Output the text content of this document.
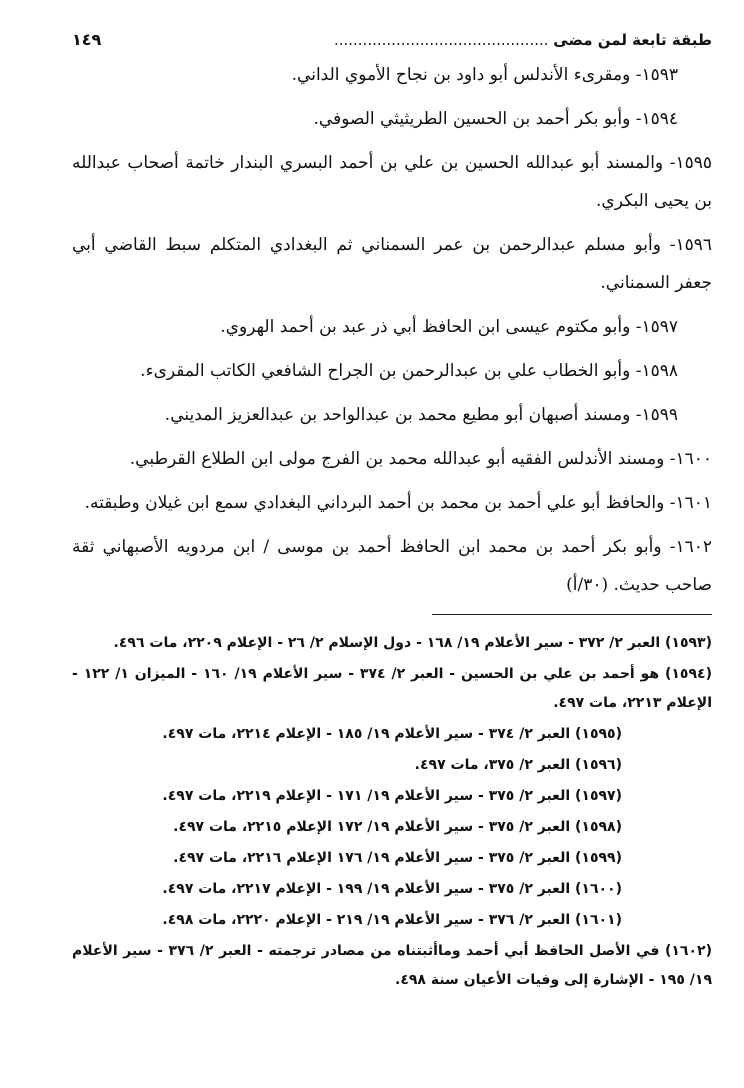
طبقة تابعة لمن مضى .....
١٤٩

١٥٩٣- ومقرىء الأندلس أبو داود بن نجاح الأموي الداني.

١٥٩٤- وأبو بكر أحمد بن الحسين الطريثيثي الصوفي.

١٥٩٥- والمسند أبو عبدالله الحسين بن علي بن أحمد البسري البندار خاتمة أصحاب عبدالله بن يحيى البكري.

١٥٩٦- وأبو مسلم عبدالرحمن بن عمر السمناني ثم البغدادي المتكلم سبط القاضي أبي جعفر السمناني.

١٥٩٧- وأبو مكتوم عيسى ابن الحافظ أبي ذر عبد بن أحمد الهروي.

١٥٩٨- وأبو الخطاب علي بن عبدالرحمن بن الجراح الشافعي الكاتب المقرىء.

١٥٩٩- ومسند أصبهان أبو مطيع محمد بن عبدالواحد بن عبدالعزيز المديني.

١٦٠٠- ومسند الأندلس الفقيه أبو عبدالله محمد بن الفرج مولى ابن الطلاع القرطبي.

١٦٠١- والحافظ أبو علي أحمد بن محمد بن أحمد البرداني البغدادي سمع ابن غيلان وطبقته.

١٦٠٢- وأبو بكر أحمد بن محمد ابن الحافظ أحمد بن موسى / ابن مردويه الأصبهاني ثقة صاحب حديث. (٣٠/أ)

(١٥٩٣) العبر ٢/ ٣٧٢ - سير الأعلام ١٩/ ١٦٨ - دول الإسلام ٢/ ٢٦ - الإعلام ٢٢٠٩، مات ٤٩٦.

(١٥٩٤) هو أحمد بن علي بن الحسين - العبر ٢/ ٣٧٤ - سير الأعلام ١٩/ ١٦٠ - الميزان ١/ ١٢٢ - الإعلام ٢٢١٣، مات ٤٩٧.

(١٥٩٥) العبر ٢/ ٣٧٤ - سير الأعلام ١٩/ ١٨٥ - الإعلام ٢٢١٤، مات ٤٩٧.

(١٥٩٦) العبر ٢/ ٣٧٥، مات ٤٩٧.

(١٥٩٧) العبر ٢/ ٣٧٥ - سير الأعلام ١٩/ ١٧١ - الإعلام ٢٢١٩، مات ٤٩٧.

(١٥٩٨) العبر ٢/ ٣٧٥ - سير الأعلام ١٩/ ١٧٢ الإعلام ٢٢١٥، مات ٤٩٧.

(١٥٩٩) العبر ٢/ ٣٧٥ - سير الأعلام ١٩/ ١٧٦ الإعلام ٢٢١٦، مات ٤٩٧.

(١٦٠٠) العبر ٢/ ٣٧٥ - سير الأعلام ١٩/ ١٩٩ - الإعلام ٢٢١٧، مات ٤٩٧.

(١٦٠١) العبر ٢/ ٣٧٦ - سير الأعلام ١٩/ ٢١٩ - الإعلام ٢٢٢٠، مات ٤٩٨.

(١٦٠٢) في الأصل الحافظ أبي أحمد وماأثبتناه من مصادر ترجمته - العبر ٢/ ٣٧٦ - سير الأعلام ١٩/ ١٩٥ - الإشارة إلى وفيات الأعيان سنة ٤٩٨.
